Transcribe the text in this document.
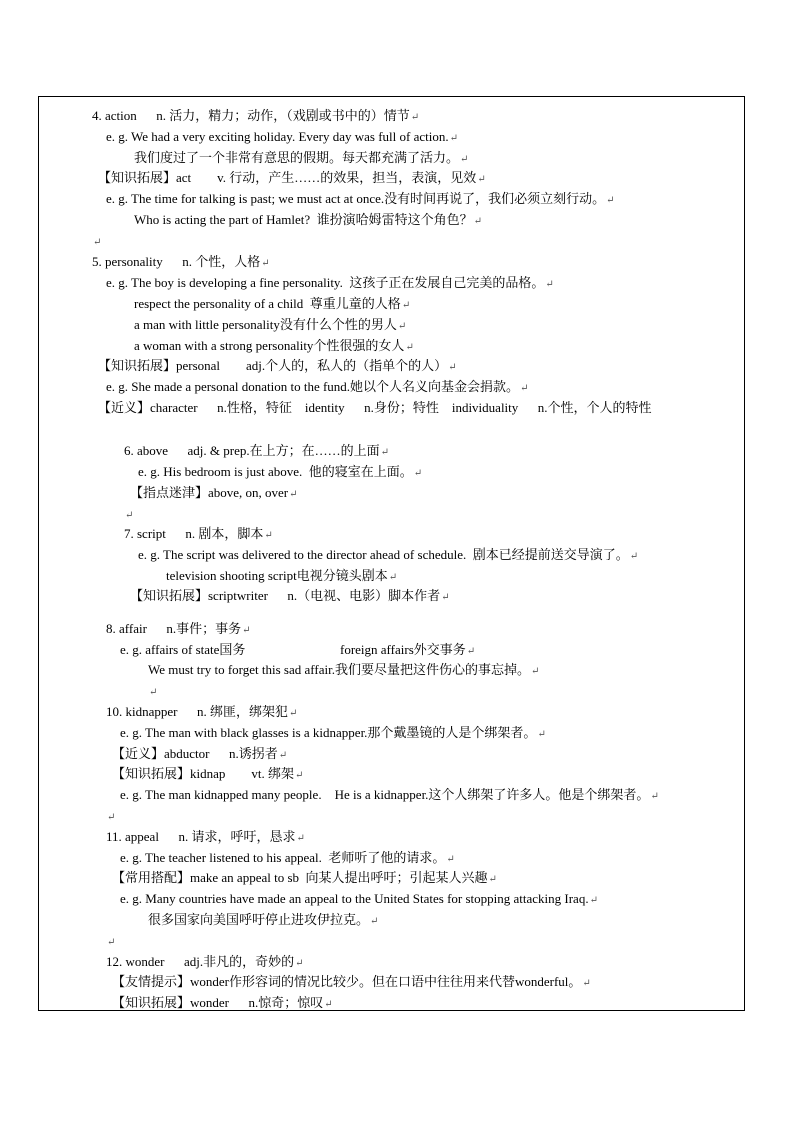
4. action      n. 活力，精力；动作，（戏剧或书中的）情节↵
e. g. We had a very exciting holiday. Every day was full of action.↵
我们度过了一个非常有意思的假期。每天都充满了活力。↵
【知识拓展】act        v. 行动，产生……的效果，担当，表演，见效↵
e. g. The time for talking is past; we must act at once.没有时间再说了，我们必须立刻行动。↵
Who is acting the part of Hamlet?  谁扮演哈姆雷特这个角色？↵
↵
5. personality      n. 个性，人格↵
e. g. The boy is developing a fine personality.  这孩子正在发展自己完美的品格。↵
respect the personality of a child  尊重儿童的人格↵
a man with little personality没有什么个性的男人↵
a woman with a strong personality个性很强的女人↵
【知识拓展】personal        adj.个人的，私人的（指单个的人）↵
e. g. She made a personal donation to the fund.她以个人名义向基金会捐款。↵
【近义】character      n.性格，特征    identity      n.身份；特性    individuality      n.个性，个人的特性
6. above      adj. & prep.在上方；在……的上面↵
e. g. His bedroom is just above.  他的寝室在上面。↵
【指点迷津】above, on, over↵
↵
7. script      n. 剧本，脚本↵
e. g. The script was delivered to the director ahead of schedule.  剧本已经提前送交导演了。↵
television shooting script电视分镜头剧本↵
【知识拓展】scriptwriter      n.（电视、电影）脚本作者↵
8. affair      n.事件；事务↵
e. g. affairs of state国务	foreign affairs外交事务↵
We must try to forget this sad affair.我们要尽量把这件伤心的事忘掉。↵
↵
10. kidnapper      n. 绑匪，绑架犯↵
e. g. The man with black glasses is a kidnapper.那个戴墨镜的人是个绑架者。↵
【近义】abductor      n.诱拐者↵
【知识拓展】kidnap        vt. 绑架↵
e. g. The man kidnapped many people.    He is a kidnapper.这个人绑架了许多人。他是个绑架者。↵
↵
11. appeal      n. 请求，呼吁，恳求↵
e. g. The teacher listened to his appeal.  老师听了他的请求。↵
【常用搭配】make an appeal to sb  向某人提出呼吁；引起某人兴趣↵
e. g. Many countries have made an appeal to the United States for stopping attacking Iraq.↵
很多国家向美国呼吁停止进攻伊拉克。↵
↵
12. wonder      adj.非凡的，奇妙的↵
【友情提示】wonder作形容词的情况比较少。但在口语中往往用来代替wonderful。↵
【知识拓展】wonder      n.惊奇；惊叹↵
